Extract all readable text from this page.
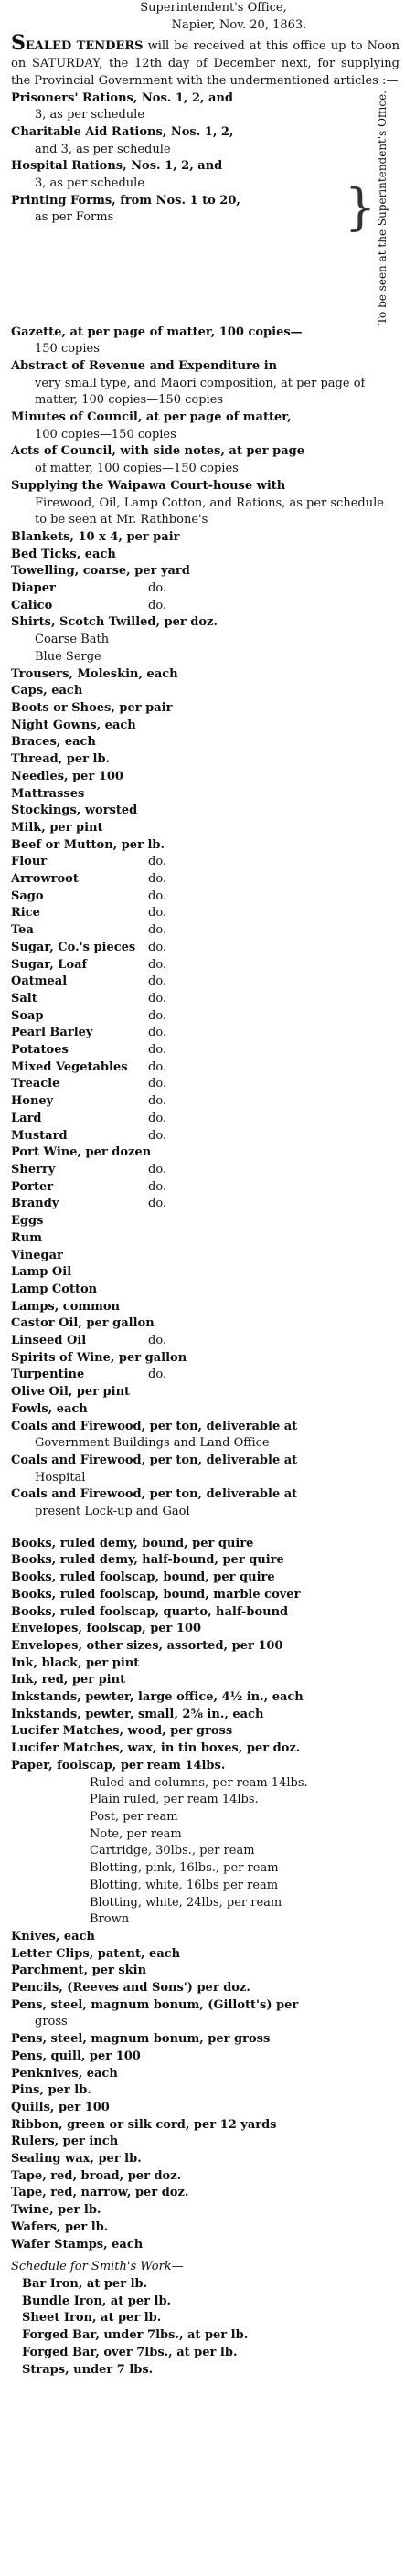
Superintendent's Office,
Napier, Nov. 20, 1863.
SEALED TENDERS will be received at this office up to Noon on SATURDAY, the 12th day of December next, for supplying the Provincial Government with the undermentioned articles :—
Prisoners' Rations, Nos. 1, 2, and
3, as per schedule
Charitable Aid Rations, Nos. 1, 2,
and 3, as per schedule
Hospital Rations, Nos. 1, 2, and
3, as per schedule
Printing Forms, from Nos. 1 to 20,
as per Forms	} To be seen at the Superintendent's Office.
Gazette, at per page of matter, 100 copies—
150 copies
Abstract of Revenue and Expenditure in
very small type, and Maori composition, at per page of matter, 100 copies—150 copies
Minutes of Council, at per page of matter,
100 copies—150 copies
Acts of Council, with side notes, at per page
of matter, 100 copies—150 copies
Supplying the Waipawa Court-house with
Firewood, Oil, Lamp Cotton, and Rations, as per schedule to be seen at Mr. Rathbone's
Blankets, 10 x 4, per pair
Bed Ticks, each
Towelling, coarse, per yard
Diaper	do.
Calico	do.
Shirts, Scotch Twilled, per doz.
Coarse Bath
Blue Serge
Trousers, Moleskin, each
Caps, each
Boots or Shoes, per pair
Night Gowns, each
Braces, each
Thread, per lb.
Needles, per 100
Mattrasses
Stockings, worsted
Milk, per pint
Beef or Mutton, per lb.
Flour	do.
Arrowroot	do.
Sago	do.
Rice	do.
Tea	do.
Sugar, Co.'s pieces do.
Sugar, Loaf	do.
Oatmeal	do.
Salt	do.
Soap	do.
Pearl Barley	do.
Potatoes	do.
Mixed Vegetables do.
Treacle	do.
Honey	do.
Lard	do.
Mustard	do.
Port Wine, per dozen
Sherry	do.
Porter	do.
Brandy	do.
Eggs
Rum
Vinegar
Lamp Oil
Lamp Cotton
Lamps, common
Castor Oil, per gallon
Linseed Oil	do.
Spirits of Wine, per gallon
Turpentine	do.
Olive Oil, per pint
Fowls, each
Coals and Firewood, per ton, deliverable at
Government Buildings and Land Office
Coals and Firewood, per ton, deliverable at
Hospital
Coals and Firewood, per ton, deliverable at
present Lock-up and Gaol
Books, ruled demy, bound, per quire
Books, ruled demy, half-bound, per quire
Books, ruled foolscap, bound, per quire
Books, ruled foolscap, bound, marble cover
Books, ruled foolscap, quarto, half-bound
Envelopes, foolscap, per 100
Envelopes, other sizes, assorted, per 100
Ink, black, per pint
Ink, red, per pint
Inkstands, pewter, large office, 4½ in., each
Inkstands, pewter, small, 2⅝ in., each
Lucifer Matches, wood, per gross
Lucifer Matches, wax, in tin boxes, per doz.
Paper, foolscap, per ream 14lbs.
Ruled and columns, per ream 14lbs.
Plain ruled, per ream 14lbs.
Post, per ream
Note, per ream
Cartridge, 30lbs., per ream
Blotting, pink, 16lbs., per ream
Blotting, white, 16lbs per ream
Blotting, white, 24lbs, per ream
Brown
Knives, each
Letter Clips, patent, each
Parchment, per skin
Pencils, (Reeves and Sons') per doz.
Pens, steel, magnum bonum, (Gillott's) per
gross
Pens, steel, magnum bonum, per gross
Pens, quill, per 100
Penknives, each
Pins, per lb.
Quills, per 100
Ribbon, green or silk cord, per 12 yards
Rulers, per inch
Sealing wax, per lb.
Tape, red, broad, per doz.
Tape, red, narrow, per doz.
Twine, per lb.
Wafers, per lb.
Wafer Stamps, each
Schedule for Smith's Work—
Bar Iron, at per lb.
Bundle Iron, at per lb.
Sheet Iron, at per lb.
Forged Bar, under 7lbs., at per lb.
Forged Bar, over 7lbs., at per lb.
Straps, under 7 lbs.
